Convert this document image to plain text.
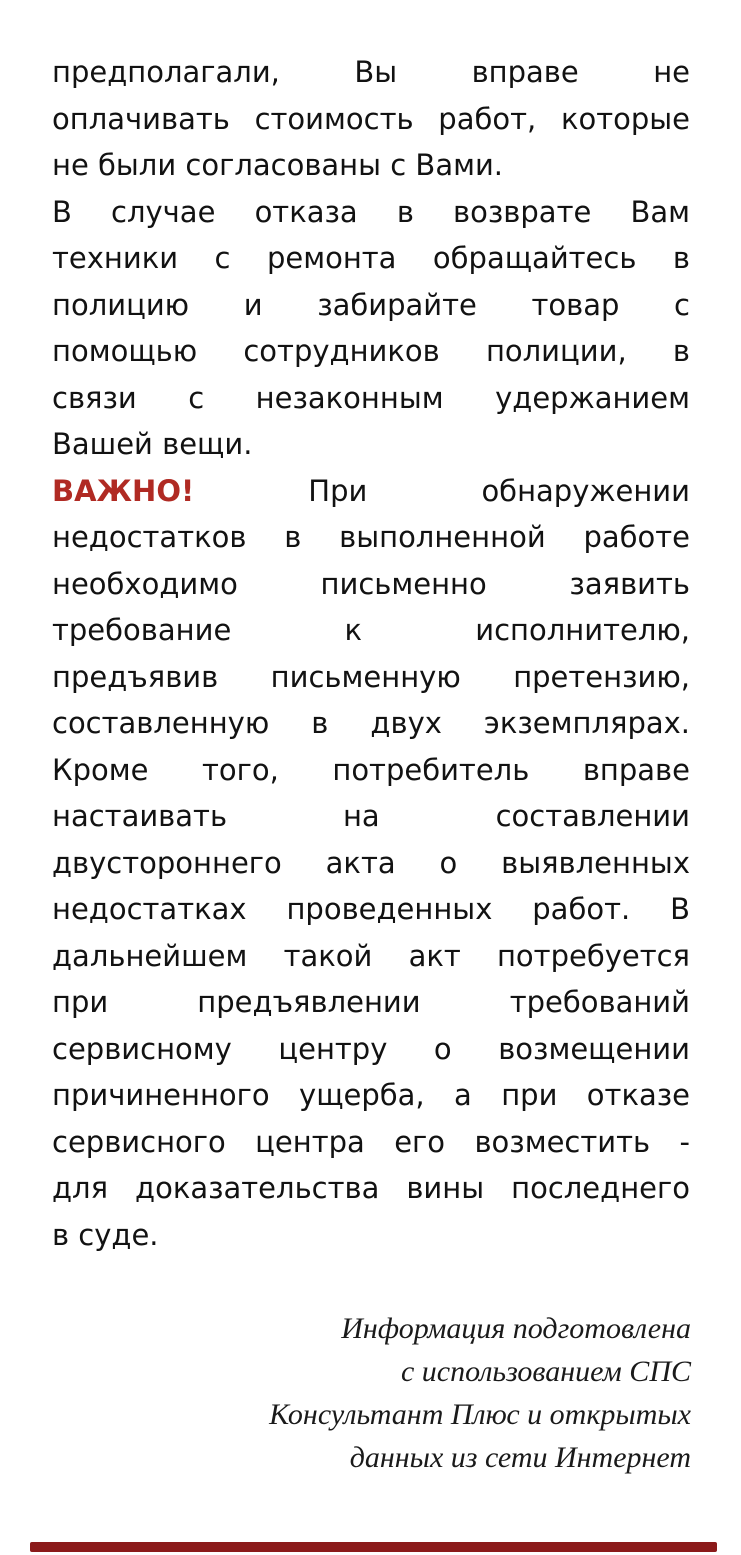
предполагали, Вы вправе не
оплачивать стоимость работ, которые
не были согласованы с Вами.
В случае отказа в возврате Вам
техники с ремонта обращайтесь в
полицию и забирайте товар с
помощью сотрудников полиции, в
связи с незаконным удержанием
Вашей вещи.
ВАЖНО!	При обнаружении
недостатков в выполненной работе
необходимо письменно заявить
требование к исполнителю,
предъявив письменную претензию,
составленную в двух экземплярах.
Кроме того, потребитель вправе
настаивать на составлении
двустороннего акта о выявленных
недостатках проведенных работ. В
дальнейшем такой акт потребуется
при предъявлении требований
сервисному центру о возмещении
причиненного ущерба, а при отказе
сервисного центра его возместить -
для доказательства вины последнего
в суде.
Информация подготовлена
с использованием СПС
Консультант Плюс и открытых
данных из сети Интернет
